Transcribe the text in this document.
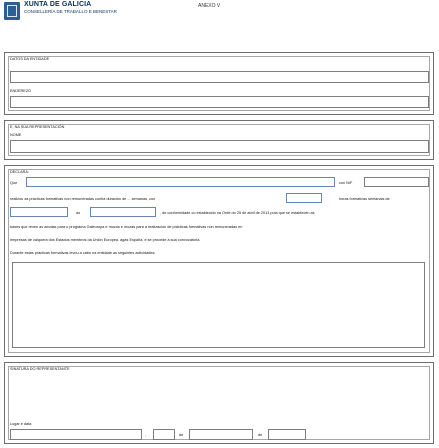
XUNTA DE GALICIA
CONSELLERÍA DE TRABALLO E BENESTAR
ANEXO V
DATOS DA ENTIDADE
ENDEREZO
E, NA SÚA REPRESENTACIÓN
NOME
DECLARA:
Que	con NIF
realizou as prácticas formativas non remuneradas cunha duración de ... semanas, con	horas formativas semanais de
ao	, de conformidade co establecido na Orde do 25 de abril de 2013 pola que se establecen as
bases que rexen as axudas para o programa Galeuropa e mozos e mozas para a realización de prácticas formativas non remuneradas en
empresas de calquera dos Estados membros da Unión Europea, agás España, e se procede á súa convocatoria.
Durante estas prácticas formativas levou a cabo na entidade as seguintes actividades:
SINATURA DO REPRESENTANTE
Lugar e data
,	de	de
